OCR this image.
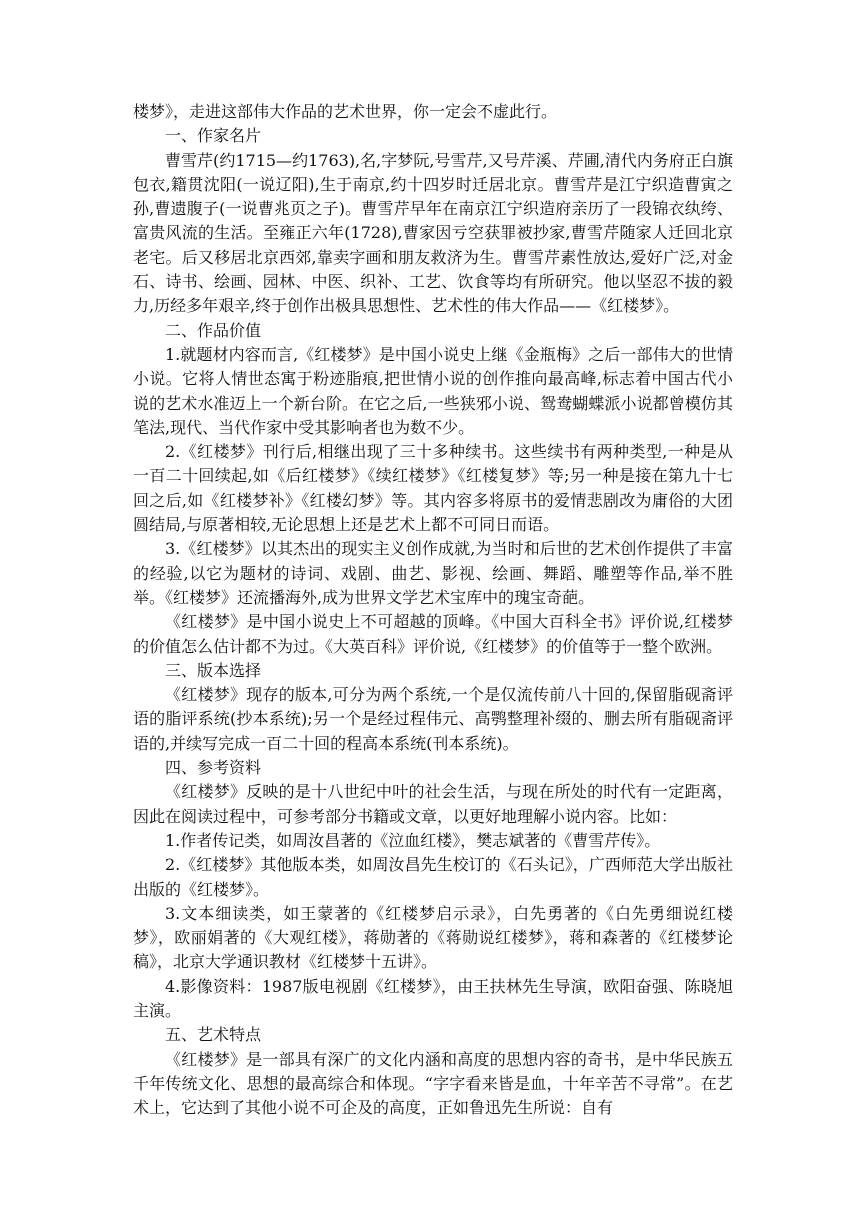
楼梦》，走进这部伟大作品的艺术世界，你一定会不虚此行。

一、作家名片

曹雪芹(约1715—约1763),名,字梦阮,号雪芹,又号芹溪、芹圃,清代内务府正白旗包衣,籍贯沈阳(一说辽阳),生于南京,约十四岁时迁居北京。曹雪芹是江宁织造曹寅之孙,曹遗腹子(一说曹兆页之子)。曹雪芹早年在南京江宁织造府亲历了一段锦衣纨绔、富贵风流的生活。至雍正六年(1728),曹家因亏空获罪被抄家,曹雪芹随家人迁回北京老宅。后又移居北京西郊,靠卖字画和朋友救济为生。曹雪芹素性放达,爱好广泛,对金石、诗书、绘画、园林、中医、织补、工艺、饮食等均有所研究。他以坚忍不拔的毅力,历经多年艰辛,终于创作出极具思想性、艺术性的伟大作品——《红楼梦》。

二、作品价值

1.就题材内容而言,《红楼梦》是中国小说史上继《金瓶梅》之后一部伟大的世情小说。它将人情世态寓于粉迹脂痕,把世情小说的创作推向最高峰,标志着中国古代小说的艺术水准迈上一个新台阶。在它之后,一些狭邪小说、鸳鸯蝴蝶派小说都曾模仿其笔法,现代、当代作家中受其影响者也为数不少。

2.《红楼梦》刊行后,相继出现了三十多种续书。这些续书有两种类型,一种是从一百二十回续起,如《后红楼梦》《续红楼梦》《红楼复梦》等;另一种是接在第九十七回之后,如《红楼梦补》《红楼幻梦》等。其内容多将原书的爱情悲剧改为庸俗的大团圆结局,与原著相较,无论思想上还是艺术上都不可同日而语。

3.《红楼梦》以其杰出的现实主义创作成就,为当时和后世的艺术创作提供了丰富的经验,以它为题材的诗词、戏剧、曲艺、影视、绘画、舞蹈、雕塑等作品,举不胜举。《红楼梦》还流播海外,成为世界文学艺术宝库中的瑰宝奇葩。

《红楼梦》是中国小说史上不可超越的顶峰。《中国大百科全书》评价说,红楼梦的价值怎么估计都不为过。《大英百科》评价说,《红楼梦》的价值等于一整个欧洲。

三、版本选择

《红楼梦》现存的版本,可分为两个系统,一个是仅流传前八十回的,保留脂砚斋评语的脂评系统(抄本系统);另一个是经过程伟元、高鹗整理补缀的、删去所有脂砚斋评语的,并续写完成一百二十回的程高本系统(刊本系统)。

四、参考资料

《红楼梦》反映的是十八世纪中叶的社会生活，与现在所处的时代有一定距离，因此在阅读过程中，可参考部分书籍或文章，以更好地理解小说内容。比如：

1.作者传记类，如周汝昌著的《泣血红楼》，樊志斌著的《曹雪芹传》。

2.《红楼梦》其他版本类，如周汝昌先生校订的《石头记》，广西师范大学出版社出版的《红楼梦》。

3.文本细读类，如王蒙著的《红楼梦启示录》，白先勇著的《白先勇细说红楼梦》，欧丽娟著的《大观红楼》，蒋勋著的《蒋勋说红楼梦》，蒋和森著的《红楼梦论稿》，北京大学通识教材《红楼梦十五讲》。

4.影像资料：1987版电视剧《红楼梦》，由王扶林先生导演，欧阳奋强、陈晓旭主演。

五、艺术特点

《红楼梦》是一部具有深广的文化内涵和高度的思想内容的奇书，是中华民族五千年传统文化、思想的最高综合和体现。“字字看来皆是血，十年辛苦不寻常”。在艺术上，它达到了其他小说不可企及的高度，正如鲁迅先生所说：自有
